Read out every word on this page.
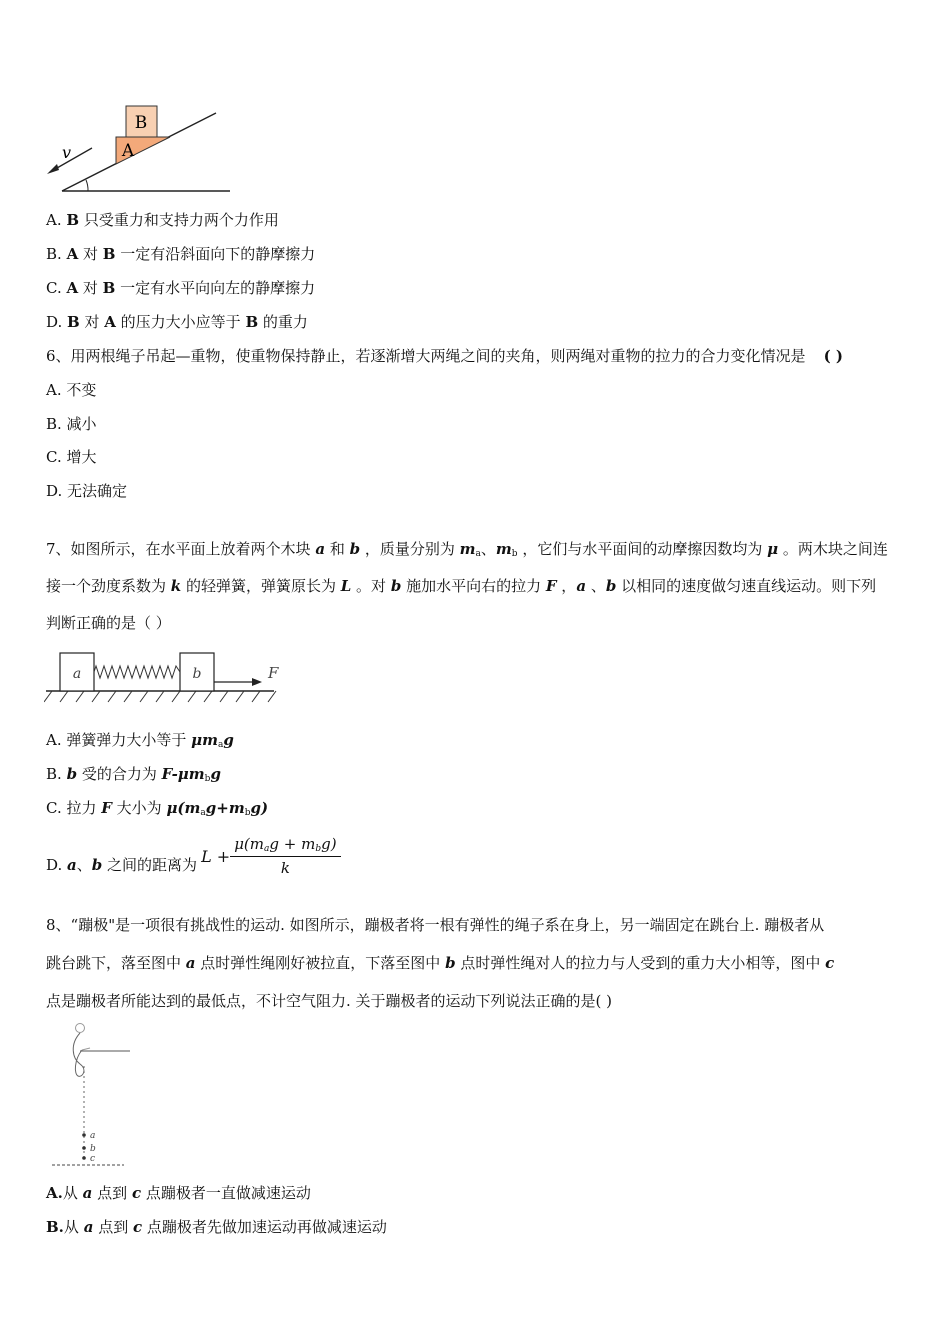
B
A
v
A. B 只受重力和支持力两个力作用
B. A 对 B 一定有沿斜面向下的静摩擦力
C. A 对 B 一定有水平向向左的静摩擦力
D. B 对 A 的压力大小应等于 B 的重力
6、用两根绳子吊起—重物，使重物保持静止，若逐渐增大两绳之间的夹角，则两绳对重物的拉力的合力变化情况是 ( )
A. 不变
B. 减小
C. 增大
D. 无法确定
7、如图所示，在水平面上放着两个木块 a 和 b ，质量分别为 $m_a$、$m_b$ ，它们与水平面间的动摩擦因数均为 μ 。两木块之间连
接一个劲度系数为 k 的轻弹簧，弹簧原长为 L 。对 b 施加水平向右的拉力 F ，a 、b 以相同的速度做匀速直线运动。则下列
判断正确的是（ ）
a	b	F
A. 弹簧弹力大小等于 $\mu m_ag$
B. b 受的合力为 $F-\mu m_bg$
C. 拉力 F 大小为 $\mu(m_ag+m_bg)$
D. a、b 之间的距离为 $L + \frac{\mu(m_ag + m_bg)}{k}$
8、“蹦极"是一项很有挑战性的运动. 如图所示，蹦极者将一根有弹性的绳子系在身上，另一端固定在跳台上. 蹦极者从
跳台跳下，落至图中 a 点时弹性绳刚好被拉直，下落至图中 b 点时弹性绳对人的拉力与人受到的重力大小相等，图中 c
点是蹦极者所能达到的最低点，不计空气阻力. 关于蹦极者的运动下列说法正确的是( )
a
b
c
A.从 a 点到 c 点蹦极者一直做减速运动
B.从 a 点到 c 点蹦极者先做加速运动再做减速运动
